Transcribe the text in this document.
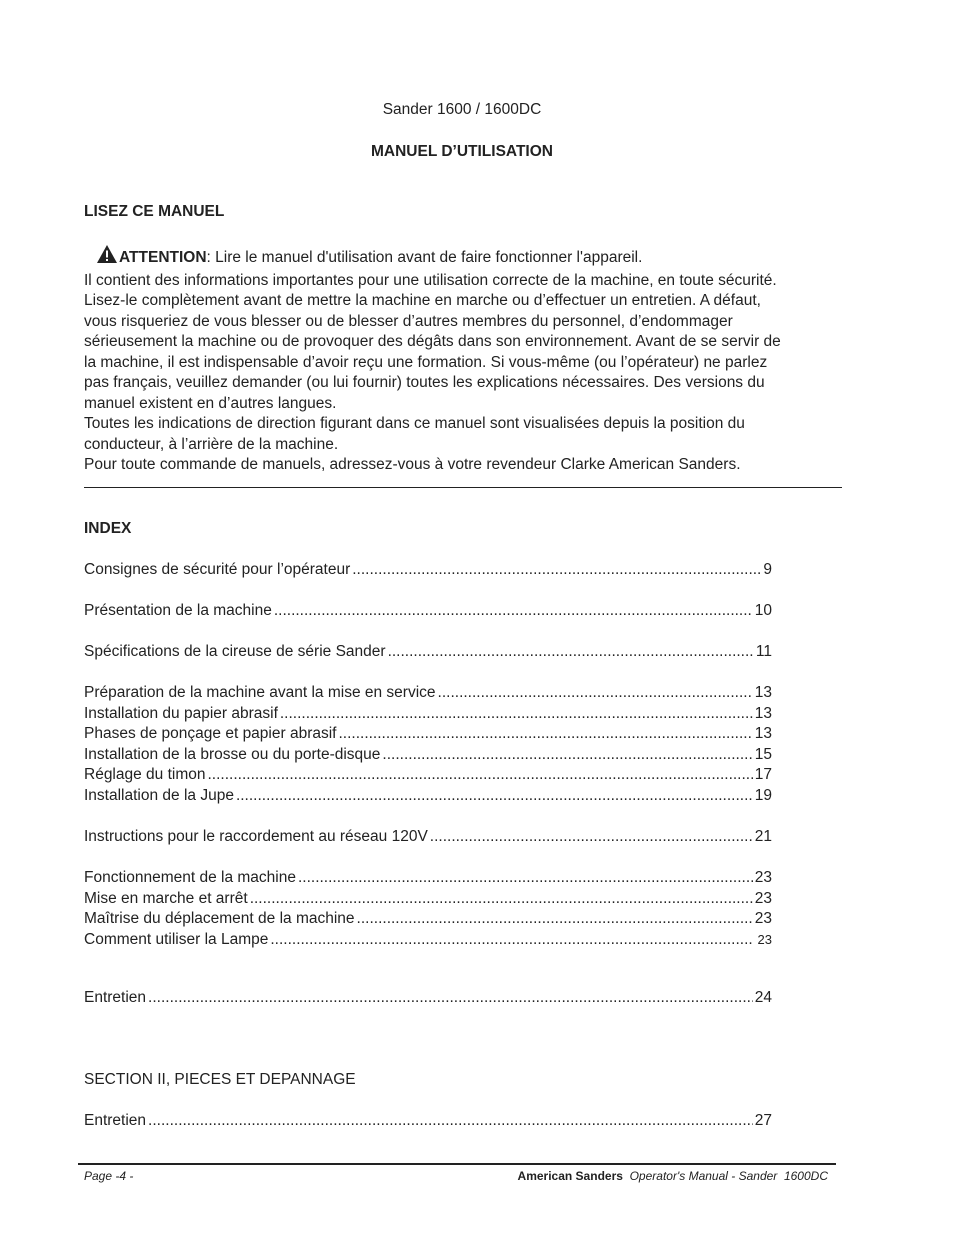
Sander 1600 / 1600DC
MANUEL D’UTILISATION
LISEZ CE MANUEL
ATTENTION: Lire le manuel d'utilisation avant de faire fonctionner l'appareil.
Il contient des informations importantes pour une utilisation correcte de la machine, en toute sécurité.
Lisez-le complètement avant de mettre la machine en marche ou d’effectuer un entretien. A défaut,
vous risqueriez de vous blesser ou de blesser d’autres membres du personnel, d’endommager
sérieusement la machine ou de provoquer des dégâts dans son environnement. Avant de se servir de
la machine, il est indispensable d’avoir reçu une formation. Si vous-même (ou l’opérateur) ne parlez
pas français, veuillez demander (ou lui fournir) toutes les explications nécessaires. Des versions du
manuel existent en d’autres langues.
Toutes les indications de direction figurant dans ce manuel sont visualisées depuis la position du
conducteur, à l’arrière de la machine.
Pour toute commande de manuels, adressez-vous à votre revendeur Clarke American Sanders.
INDEX
Consignes de sécurité pour l’opérateur .....	9
Présentation de la machine .....	10
Spécifications de la cireuse de série Sander .....	11
Préparation de la machine avant la mise en service .....	13
Installation du papier abrasif .....	13
Phases de ponçage et papier abrasif .....	13
Installation de la brosse ou du porte-disque .....	15
Réglage du timon .....	17
Installation de la Jupe .....	19
Instructions pour le raccordement au réseau 120V .....	21
Fonctionnement de la machine .....	23
Mise en marche et arrêt .....	23
Maîtrise du déplacement de la machine .....	23
Comment utiliser la Lampe .....	23
Entretien .....	24
SECTION II, PIECES ET DEPANNAGE
Entretien .....	27
Page -4 -	American Sanders Operator's Manual - Sander  1600DC
